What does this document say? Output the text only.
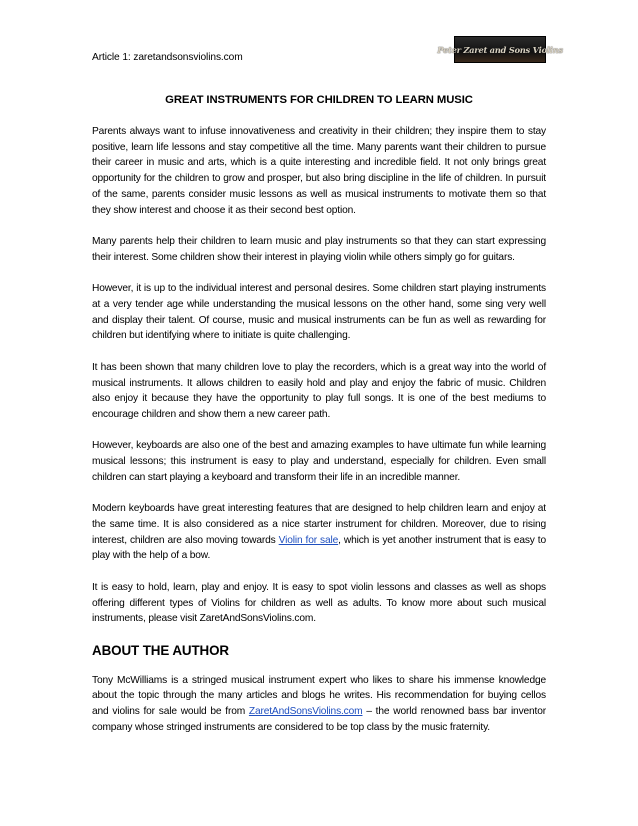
Article 1: zaretandsonsviolins.com
Peter Zaret and Sons Violins
GREAT INSTRUMENTS FOR CHILDREN TO LEARN MUSIC

Parents always want to infuse innovativeness and creativity in their children; they inspire them to stay positive, learn life lessons and stay competitive all the time. Many parents want their children to pursue their career in music and arts, which is a quite interesting and incredible field. It not only brings great opportunity for the children to grow and prosper, but also bring discipline in the life of children. In pursuit of the same, parents consider music lessons as well as musical instruments to motivate them so that they show interest and choose it as their second best option.

Many parents help their children to learn music and play instruments so that they can start expressing their interest. Some children show their interest in playing violin while others simply go for guitars.

However, it is up to the individual interest and personal desires. Some children start playing instruments at a very tender age while understanding the musical lessons on the other hand, some sing very well and display their talent. Of course, music and musical instruments can be fun as well as rewarding for children but identifying where to initiate is quite challenging.

It has been shown that many children love to play the recorders, which is a great way into the world of musical instruments. It allows children to easily hold and play and enjoy the fabric of music. Children also enjoy it because they have the opportunity to play full songs. It is one of the best mediums to encourage children and show them a new career path.

However, keyboards are also one of the best and amazing examples to have ultimate fun while learning musical lessons; this instrument is easy to play and understand, especially for children. Even small children can start playing a keyboard and transform their life in an incredible manner.

Modern keyboards have great interesting features that are designed to help children learn and enjoy at the same time. It is also considered as a nice starter instrument for children. Moreover, due to rising interest, children are also moving towards Violin for sale, which is yet another instrument that is easy to play with the help of a bow.

It is easy to hold, learn, play and enjoy. It is easy to spot violin lessons and classes as well as shops offering different types of Violins for children as well as adults. To know more about such musical instruments, please visit ZaretAndSonsViolins.com.

ABOUT THE AUTHOR

Tony McWilliams is a stringed musical instrument expert who likes to share his immense knowledge about the topic through the many articles and blogs he writes. His recommendation for buying cellos and violins for sale would be from ZaretAndSonsViolins.com – the world renowned bass bar inventor company whose stringed instruments are considered to be top class by the music fraternity.
